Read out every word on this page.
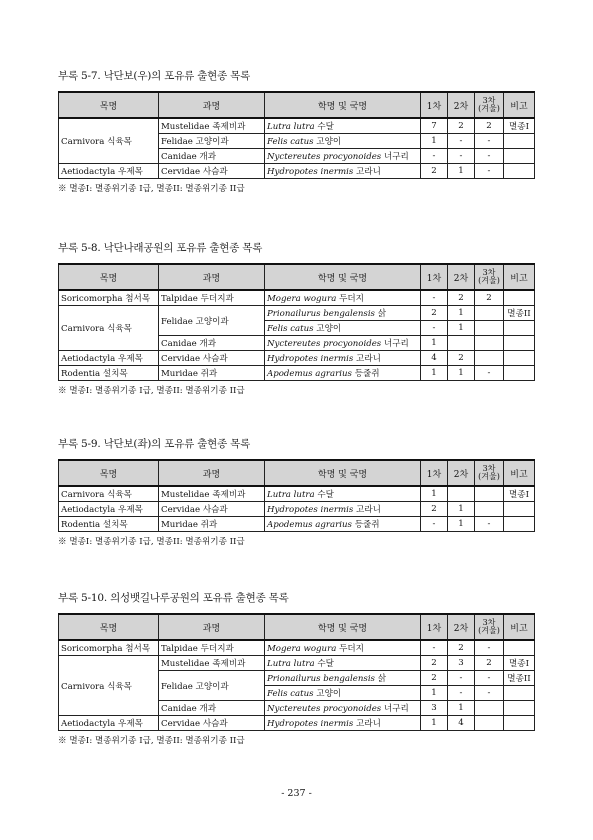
부록 5-7. 낙단보(우)의 포유류 출현종 목록
목명	과명	학명 및 국명	1차	2차	3차
(겨울)	비고
Carnivora 식육목	Mustelidae 족제비과	Lutra lutra 수달	7	2	2	멸종I
	Felidae 고양이과	Felis catus 고양이	1	-	-	
	Canidae 개과	Nyctereutes procyonoides 너구리	-	-	-	
Aetiodactyla 우제목	Cervidae 사슴과	Hydropotes inermis 고라니	2	1	-	
※ 멸종I: 멸종위기종 I급, 멸종II: 멸종위기종 II급
부록 5-8. 낙단나래공원의 포유류 출현종 목록
목명	과명	학명 및 국명	1차	2차	3차
(겨울)	비고
Soricomorpha 첨서목	Talpidae 두더지과	Mogera wogura 두더지	-	2	2	
Carnivora 식육목	Felidae 고양이과	Prionailurus bengalensis 삵	2	1		멸종II
		Felis catus 고양이	-	1		
	Canidae 개과	Nyctereutes procyonoides 너구리	1			
Aetiodactyla 우제목	Cervidae 사슴과	Hydropotes inermis 고라니	4	2		
Rodentia 설치목	Muridae 쥐과	Apodemus agrarius 등줄쥐	1	1	-	
※ 멸종I: 멸종위기종 I급, 멸종II: 멸종위기종 II급
부록 5-9. 낙단보(좌)의 포유류 출현종 목록
목명	과명	학명 및 국명	1차	2차	3차
(겨울)	비고
Carnivora 식육목	Mustelidae 족제비과	Lutra lutra 수달	1			멸종I
Aetiodactyla 우제목	Cervidae 사슴과	Hydropotes inermis 고라니	2	1		
Rodentia 설치목	Muridae 쥐과	Apodemus agrarius 등줄쥐	-	1	-	
※ 멸종I: 멸종위기종 I급, 멸종II: 멸종위기종 II급
부록 5-10. 의성뱃길나루공원의 포유류 출현종 목록
목명	과명	학명 및 국명	1차	2차	3차
(겨울)	비고
Soricomorpha 첨서목	Talpidae 두더지과	Mogera wogura 두더지	-	2	-	
Carnivora 식육목	Mustelidae 족제비과	Lutra lutra 수달	2	3	2	멸종I
	Felidae 고양이과	Prionailurus bengalensis 삵	2	-	-	멸종II
		Felis catus 고양이	1	-	-	
	Canidae 개과	Nyctereutes procyonoides 너구리	3	1		
Aetiodactyla 우제목	Cervidae 사슴과	Hydropotes inermis 고라니	1	4		
※ 멸종I: 멸종위기종 I급, 멸종II: 멸종위기종 II급
- 237 -
